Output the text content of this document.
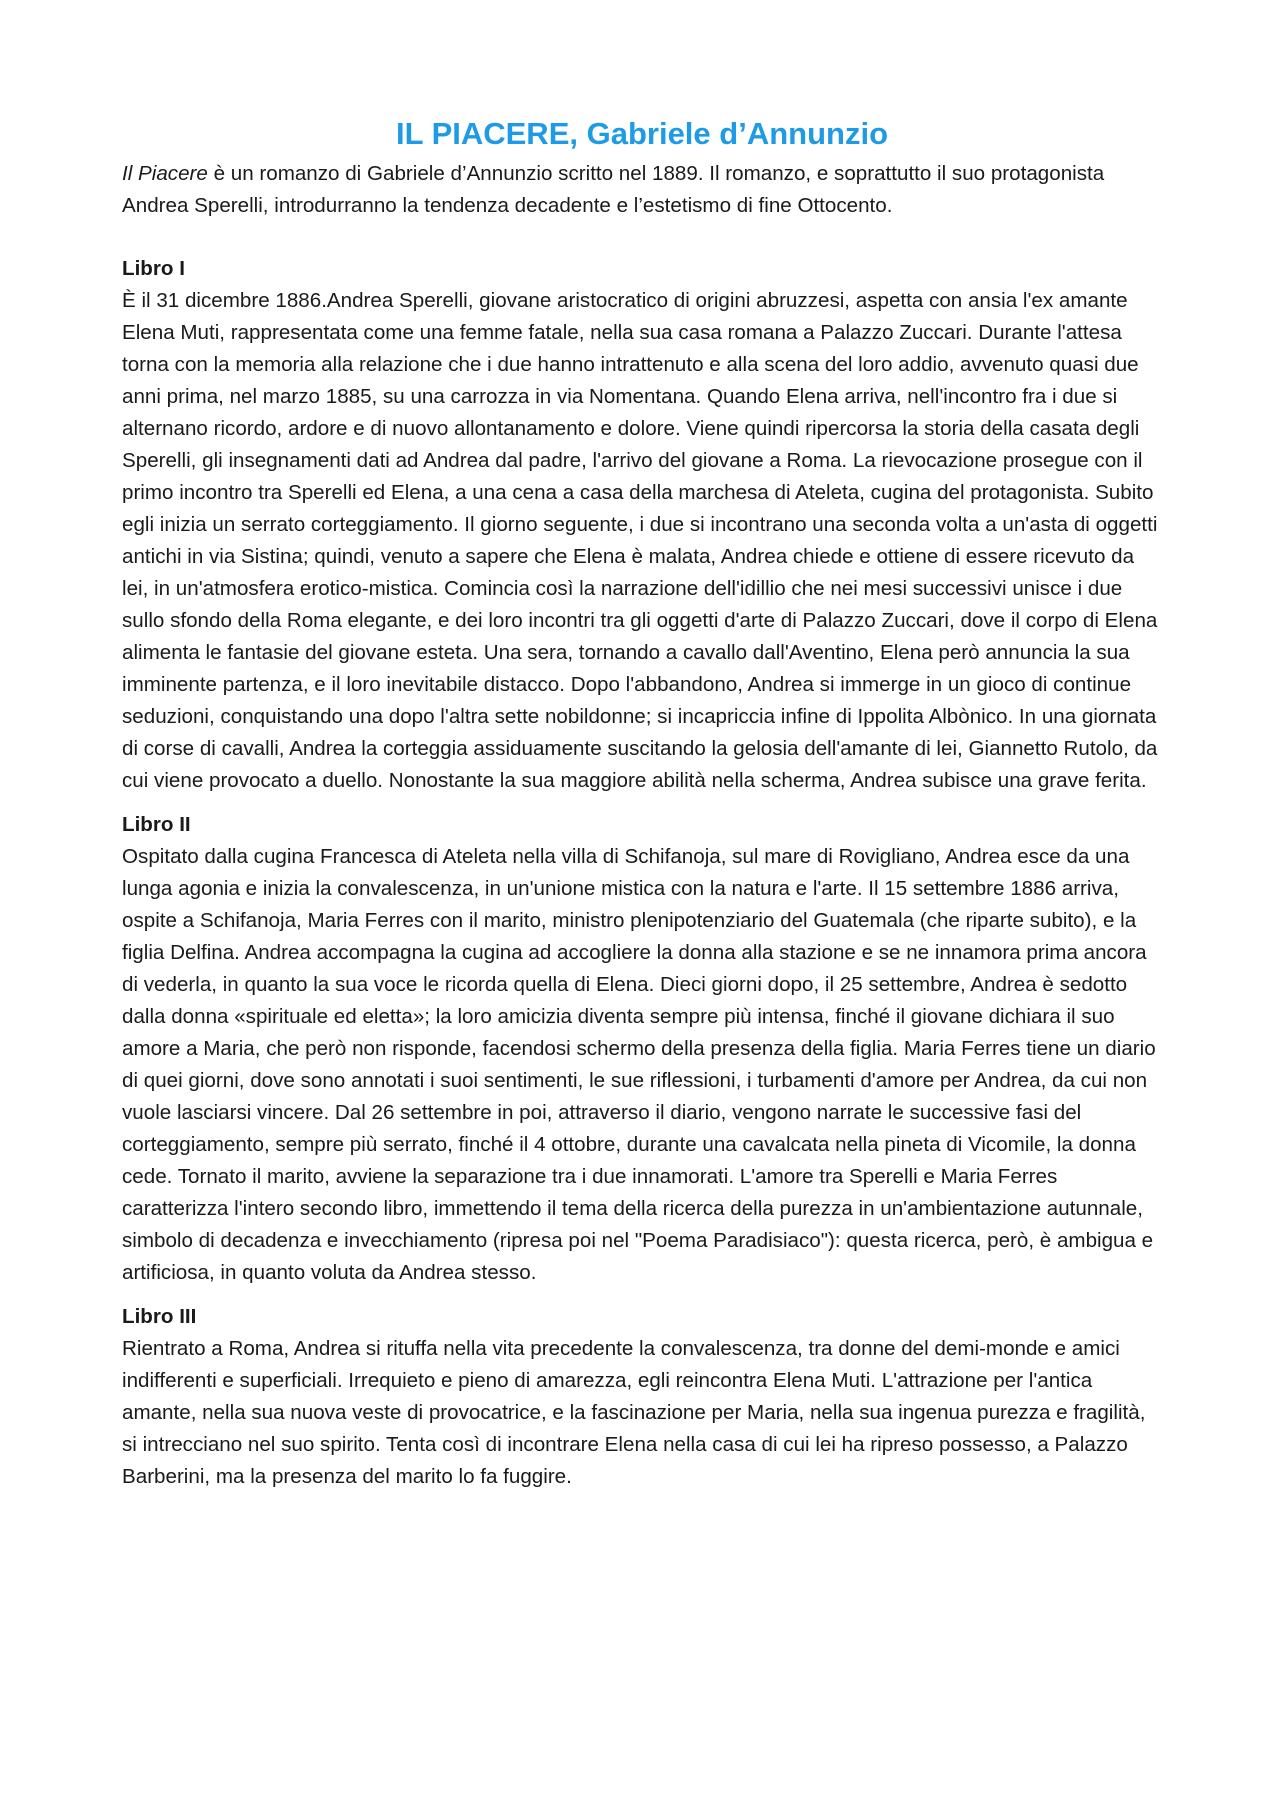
IL PIACERE, Gabriele d’Annunzio

Il Piacere è un romanzo di Gabriele d’Annunzio scritto nel 1889. Il romanzo, e soprattutto il suo protagonista Andrea Sperelli, introdurranno la tendenza decadente e l’estetismo di fine Ottocento.

Libro I

È il 31 dicembre 1886.Andrea Sperelli, giovane aristocratico di origini abruzzesi, aspetta con ansia l'ex amante Elena Muti, rappresentata come una femme fatale, nella sua casa romana a Palazzo Zuccari. Durante l'attesa torna con la memoria alla relazione che i due hanno intrattenuto e alla scena del loro addio, avvenuto quasi due anni prima, nel marzo 1885, su una carrozza in via Nomentana. Quando Elena arriva, nell'incontro fra i due si alternano ricordo, ardore e di nuovo allontanamento e dolore. Viene quindi ripercorsa la storia della casata degli Sperelli, gli insegnamenti dati ad Andrea dal padre, l'arrivo del giovane a Roma. La rievocazione prosegue con il primo incontro tra Sperelli ed Elena, a una cena a casa della marchesa di Ateleta, cugina del protagonista. Subito egli inizia un serrato corteggiamento. Il giorno seguente, i due si incontrano una seconda volta a un'asta di oggetti antichi in via Sistina; quindi, venuto a sapere che Elena è malata, Andrea chiede e ottiene di essere ricevuto da lei, in un'atmosfera erotico-mistica. Comincia così la narrazione dell'idillio che nei mesi successivi unisce i due sullo sfondo della Roma elegante, e dei loro incontri tra gli oggetti d'arte di Palazzo Zuccari, dove il corpo di Elena alimenta le fantasie del giovane esteta. Una sera, tornando a cavallo dall'Aventino, Elena però annuncia la sua imminente partenza, e il loro inevitabile distacco. Dopo l'abbandono, Andrea si immerge in un gioco di continue seduzioni, conquistando una dopo l'altra sette nobildonne; si incapriccia infine di Ippolita Albònico. In una giornata di corse di cavalli, Andrea la corteggia assiduamente suscitando la gelosia dell'amante di lei, Giannetto Rutolo, da cui viene provocato a duello. Nonostante la sua maggiore abilità nella scherma, Andrea subisce una grave ferita.

Libro II

Ospitato dalla cugina Francesca di Ateleta nella villa di Schifanoja, sul mare di Rovigliano, Andrea esce da una lunga agonia e inizia la convalescenza, in un'unione mistica con la natura e l'arte. Il 15 settembre 1886 arriva, ospite a Schifanoja, Maria Ferres con il marito, ministro plenipotenziario del Guatemala (che riparte subito), e la figlia Delfina. Andrea accompagna la cugina ad accogliere la donna alla stazione e se ne innamora prima ancora di vederla, in quanto la sua voce le ricorda quella di Elena. Dieci giorni dopo, il 25 settembre, Andrea è sedotto dalla donna «spirituale ed eletta»; la loro amicizia diventa sempre più intensa, finché il giovane dichiara il suo amore a Maria, che però non risponde, facendosi schermo della presenza della figlia. Maria Ferres tiene un diario di quei giorni, dove sono annotati i suoi sentimenti, le sue riflessioni, i turbamenti d'amore per Andrea, da cui non vuole lasciarsi vincere. Dal 26 settembre in poi, attraverso il diario, vengono narrate le successive fasi del corteggiamento, sempre più serrato, finché il 4 ottobre, durante una cavalcata nella pineta di Vicomile, la donna cede. Tornato il marito, avviene la separazione tra i due innamorati. L'amore tra Sperelli e Maria Ferres caratterizza l'intero secondo libro, immettendo il tema della ricerca della purezza in un'ambientazione autunnale, simbolo di decadenza e invecchiamento (ripresa poi nel "Poema Paradisiaco"): questa ricerca, però, è ambigua e artificiosa, in quanto voluta da Andrea stesso.

Libro III

Rientrato a Roma, Andrea si rituffa nella vita precedente la convalescenza, tra donne del demi-monde e amici indifferenti e superficiali. Irrequieto e pieno di amarezza, egli reincontra Elena Muti. L'attrazione per l'antica amante, nella sua nuova veste di provocatrice, e la fascinazione per Maria, nella sua ingenua purezza e fragilità, si intrecciano nel suo spirito. Tenta così di incontrare Elena nella casa di cui lei ha ripreso possesso, a Palazzo Barberini, ma la presenza del marito lo fa fuggire.
